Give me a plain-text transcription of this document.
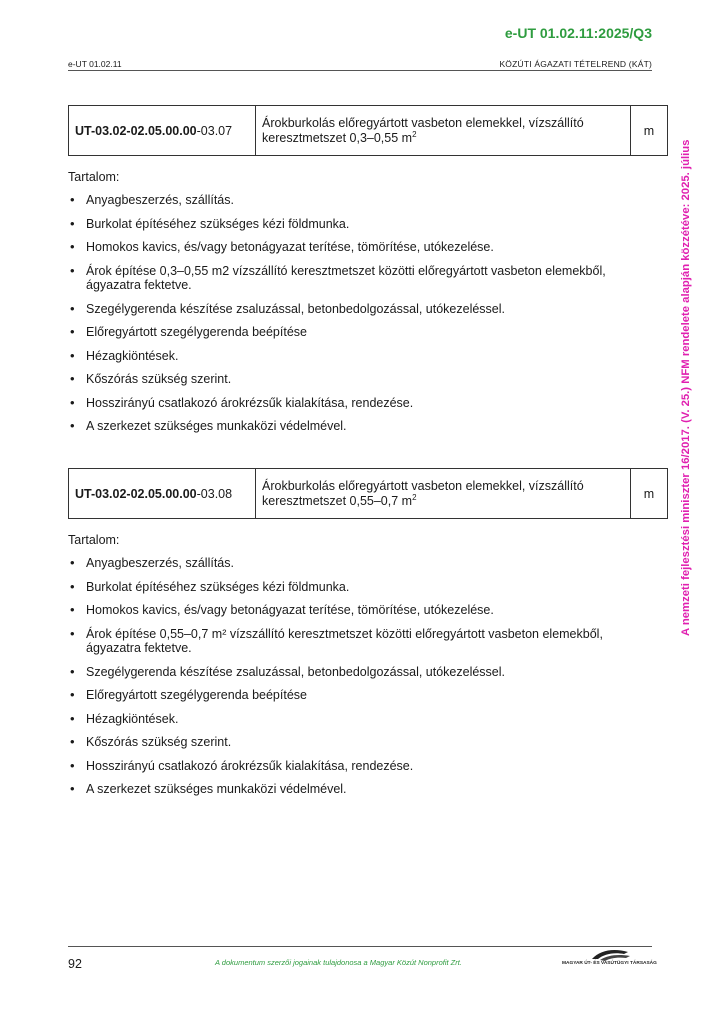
e-UT 01.02.11:2025/Q3
e-UT 01.02.11	KÖZÚTI ÁGAZATI TÉTELREND (KÁT)
A nemzeti fejlesztési miniszter 16/2017. (V. 25.) NFM rendelete alapján közzétéve: 2025. július
UT-03.02-02.05.00.00-03.07	Árokburkolás előregyártott vasbeton elemekkel, vízszállító keresztmetszet 0,3–0,55 $m^2$	m
Tartalom:
• Anyagbeszerzés, szállítás.
• Burkolat építéséhez szükséges kézi földmunka.
• Homokos kavics, és/vagy betonágyazat terítése, tömörítése, utókezelése.
• Árok építése 0,3–0,55 m2 vízszállító keresztmetszet közötti előregyártott vasbeton elemekből, ágyazatra fektetve.
• Szegélygerenda készítése zsaluzással, betonbedolgozással, utókezeléssel.
• Előregyártott szegélygerenda beépítése
• Hézagkiöntések.
• Kőszórás szükség szerint.
• Hosszirányú csatlakozó árokrézsűk kialakítása, rendezése.
• A szerkezet szükséges munkaközi védelmével.
UT-03.02-02.05.00.00-03.08	Árokburkolás előregyártott vasbeton elemekkel, vízszállító keresztmetszet 0,55–0,7 $m^2$	m
Tartalom:
• Anyagbeszerzés, szállítás.
• Burkolat építéséhez szükséges kézi földmunka.
• Homokos kavics, és/vagy betonágyazat terítése, tömörítése, utókezelése.
• Árok építése 0,55–0,7 m² vízszállító keresztmetszet közötti előregyártott vasbeton elemekből, ágyazatra fektetve.
• Szegélygerenda készítése zsaluzással, betonbedolgozással, utókezeléssel.
• Előregyártott szegélygerenda beépítése
• Hézagkiöntések.
• Kőszórás szükség szerint.
• Hosszirányú csatlakozó árokrézsűk kialakítása, rendezése.
• A szerkezet szükséges munkaközi védelmével.
92	A dokumentum szerzői jogainak tulajdonosa a Magyar Közút Nonprofit Zrt.	MAGYAR ÚT- ÉS VASÚTÜGYI TÁRSASÁG
